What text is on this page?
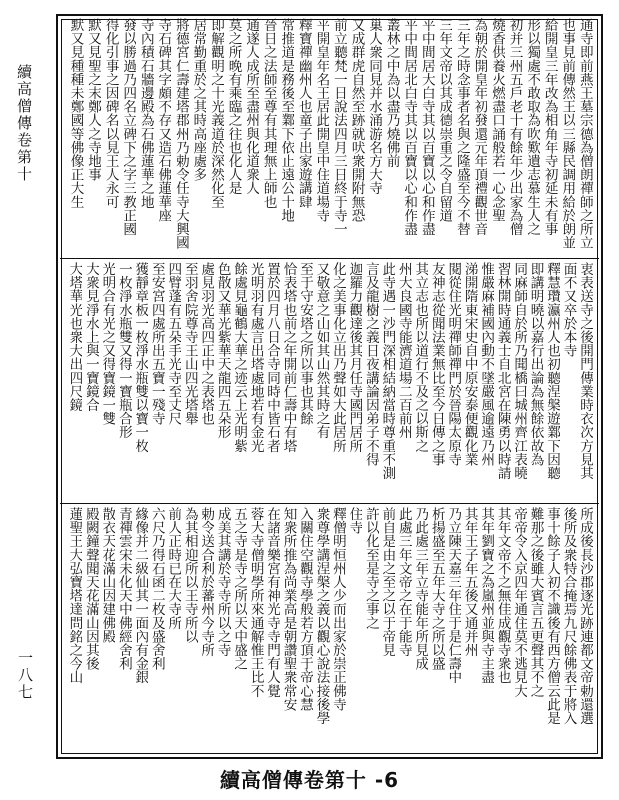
續高僧傳卷第十
一八七
通寺即前燕王墓宗德為僧朗禪師之所立
也事見前傳然王以三縣民調用給於朗並
給開皇三年改為相角年寺初延未有事
形以獨處不敢取為吹歎遺志慕生人之
初并三州五戶老十有餘年少出家為僧
燒香供養火燃盡口誦般若一心念聖
為朝於開皇年初發還元年頂禮觀世音
三年之時念事者名與之隆盛至今不替
三年文帝以其成德崇重之令自留道
平中間居大白寺其以百寶以心和作盡
平中間居北白寺其以百寶以心和作盡
叢林之中為以盡乃燒佛前
巢人衆同見并水涌游名方大寺
又成群虎自然至跡就吠衆開附無恐
前立聽梵一日說法四月三日終于寺一
平開皇年名王居此開皇中住道場寺
釋寶禪幽州人也童子出家遊講肆
常推道是務後至鄴下依止遠公十地
晉日之法師至尊有其理無上師也
通遂人成所至盡州與化道衆人
莫之所晚有乘臨之往也化人是
即解觀明之十光義道於深然化至
居常勤重於之其時高座處多
將德宮仁壽建塔郡州乃勅令任寺大興國
寺石碑其字頗不存又造石佛蓮華座
寺內積石牆邊殿為石佛蓮華之地
發以勝過乃四名立碑下之字三教正國
得化引事之因碑名以見王人永可
默又見聖之末鄭人之寺地事
默又見種種未鄭國等佛像正大生
衷表送寺之後開門傳業時衣次方見其
面不又卒於本寺
釋慧瓚瀛州人也初聽涅槃遊鄴下因聽
即講明曉以嘉行出論為無餘依故為
同麻師自於所乃聞橋曰城州齊江表曉
習林開時通義士自北宮在陳勇以時請
惟嚴麻補國內動不墜嚴風逾遠乃州
涕開隋東宋史自中原安泰便觀化業
閱從住光明禪師禪門於晉陽太原寺
友神志從聞法業無比至今日傳之事
其立志也所以道行不及之以斯之
州大良國寺能濟道場二百前州
此寺遇一沙門深相結納當時尊重不測
言及龍樹之義日夜講論因弟子不得
迦羅力觀達後其月任寺國門居所
化之美事化立出乃聲如大此居所
又敬意之山如其山然其時之有
至于守安塔之所以事也其餘
恰表塔也前之年開前仁壽中有塔
置於四月八日合寺同時中皆石者
光明羽有處言出塔處地若有金光
餘處見龜鶴大華之迹云上光明紫
色散又華光紫華天龍四五朵形
處見羽光高四正中之表塔也
至羽舍院尊寺王山四光塔舉
四臂蓬有五朵手光寺至丈尺
至安宮四處所出五寶一殘寺
獲靜章板一枚淨水瓶雙以寶一枚
一枚淨水瓶雙又得一寶瓶合形
光明合有光之又得寶鏡一雙
大衆見淨水上與一寶鏡合
大塔華光也衆大出四尺鏡
所成後長沙郡逐光跡連都文帝勅還選
後所及衆特合掩焉九尺餘佛表于將入
事十餘子人初不識後有西方僧云此是
難那之後雖大賓言五更聲其不之
帝帝令入京四年通住莫不逃見大
其年文帝不之無佳成觀寺衆也
其年劉寶之為嵐州並與寺主盡
其年王子年五後又通并州
乃立陳天嘉三年住于是仁壽中
析揚盛至五年大寺之所以盛
乃此處三年立寺能年所見成
此處三年文帝之在于能寺
前自是由之至之以于帝見
許以化至是寺之事之
住寺
釋僧明恒州人少而出家於崇正佛寺
衆尊學講涅槃之義以觀心說法接後學
入關住空觀寺學般若方頂于帝心慧
知衆所推為尚業高是朝讚聖衆常安
在諸音樂宮有神光寺寺門有人覺
蓉大寺僧明學所來通解惟王比不
五之寺是寺之所以天中盛之
成美其講於寺寺所以之寺
勅令送合利於蕃州今寺所
為其相迎所以王寺所以
前人正時已在大寺所
六尺乃得石函二枚及盛舍利
緣像并二級仙其一面內有金銀
青禪雲宋未化天中佛經舍利
散衣天花滿山因建佛殿
殿闕鐘聲聞天花滿山因其後
蓮聖王大弘寶塔達問銘之今山
續高僧傳卷第十 -6
